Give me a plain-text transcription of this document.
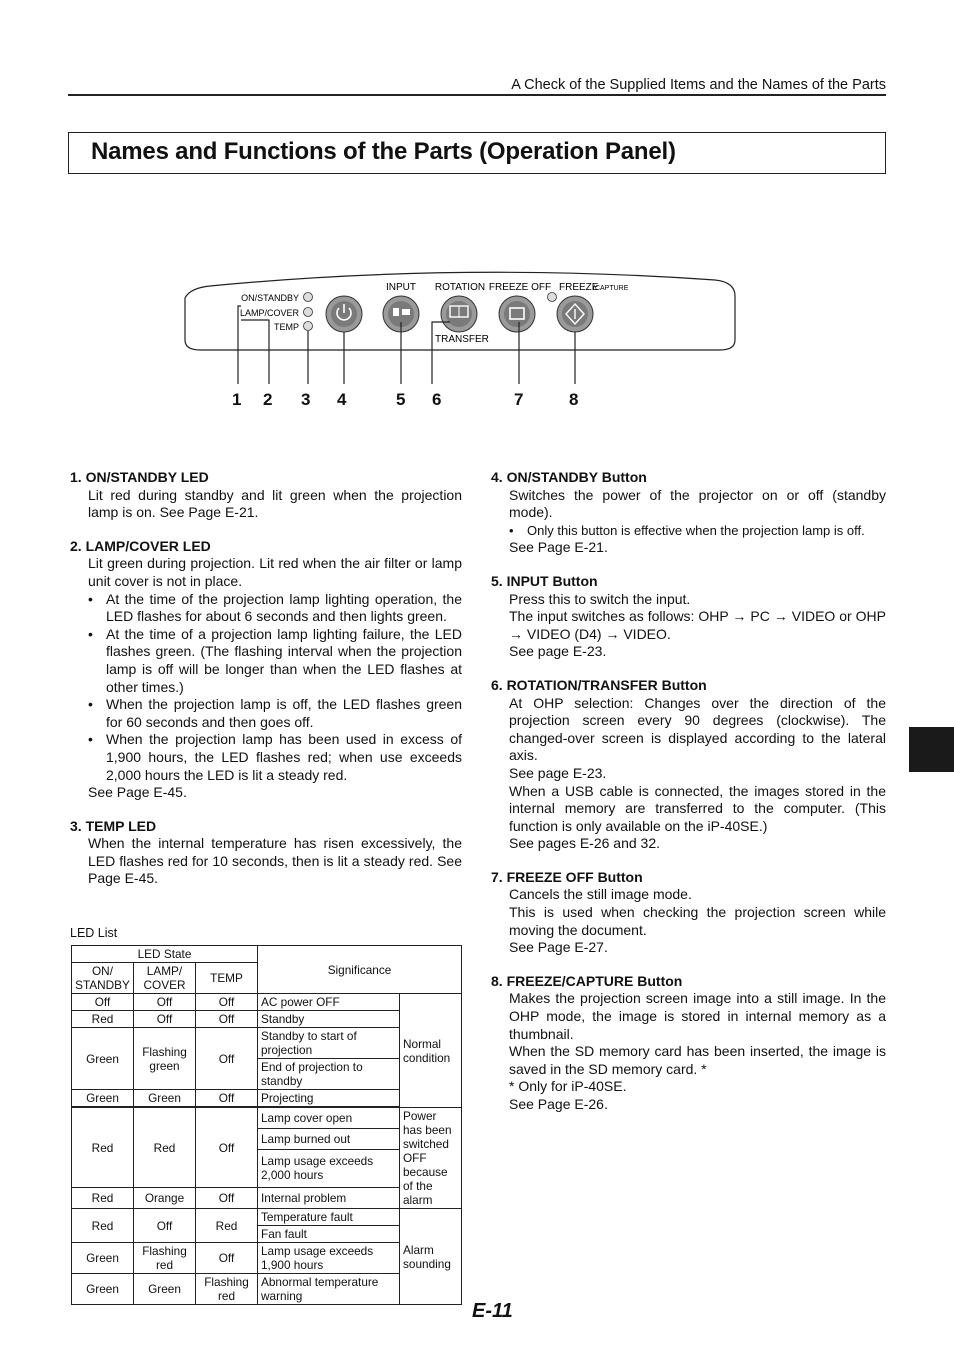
A Check of the Supplied Items and the Names of the Parts
Names and Functions of the Parts (Operation Panel)
ON/STANDBY
LAMP/COVER
TEMP
INPUT ROTATION FREEZE OFF FREEZE
/CAPTURE
TRANSFER
1 2 3 4	5 6	7	8
1. ON/STANDBY LED

Lit red during standby and lit green when the projection lamp is on. See Page E-21.

2. LAMP/COVER LED

Lit green during projection. Lit red when the air filter or lamp unit cover is not in place.

• At the time of the projection lamp lighting operation, the LED flashes for about 6 seconds and then lights green.
• At the time of a projection lamp lighting failure, the LED flashes green. (The flashing interval when the projection lamp is off will be longer than when the LED flashes at other times.)
• When the projection lamp is off, the LED flashes green for 60 seconds and then goes off.
• When the projection lamp has been used in excess of 1,900 hours, the LED flashes red; when use exceeds 2,000 hours the LED is lit a steady red.

See Page E-45.

3. TEMP LED

When the internal temperature has risen excessively, the LED flashes red for 10 seconds, then is lit a steady red. See Page E-45.

LED List
LED State			Significance	
ON/ STANDBY	LAMP/ COVER	TEMP		
Off	Off	Off	AC power OFF	Normal condition
Red	Off	Off	Standby	
Green	Flashing green	Off	Standby to start of projection	
			End of projection to standby	
Green	Green	Off	Projecting	

Red	Red	Off	Lamp cover open	Power has been switched OFF because of the alarm
			Lamp burned out	
			Lamp usage exceeds 2,000 hours	
Red	Orange	Off	Internal problem	
Red	Off	Red	Temperature fault	Alarm sounding
			Fan fault	
Green	Flashing red	Off	Lamp usage exceeds 1,900 hours	
Green	Green	Flashing red	Abnormal temperature warning	
4. ON/STANDBY Button

Switches the power of the projector on or off (standby mode).

• Only this button is effective when the projection lamp is off.

See Page E-21.

5. INPUT Button

Press this to switch the input.

The input switches as follows: OHP → PC → VIDEO or OHP → VIDEO (D4) → VIDEO.

See page E-23.

6. ROTATION/TRANSFER Button

At OHP selection: Changes over the direction of the projection screen every 90 degrees (clockwise). The changed-over screen is displayed according to the lateral axis.

See page E-23.

When a USB cable is connected, the images stored in the internal memory are transferred to the computer. (This function is only available on the iP-40SE.)

See pages E-26 and 32.

7. FREEZE OFF Button

Cancels the still image mode.

This is used when checking the projection screen while moving the document.

See Page E-27.

8. FREEZE/CAPTURE Button

Makes the projection screen image into a still image. In the OHP mode, the image is stored in internal memory as a thumbnail.

When the SD memory card has been inserted, the image is saved in the SD memory card. *

* Only for iP-40SE.

See Page E-26.

E-11
